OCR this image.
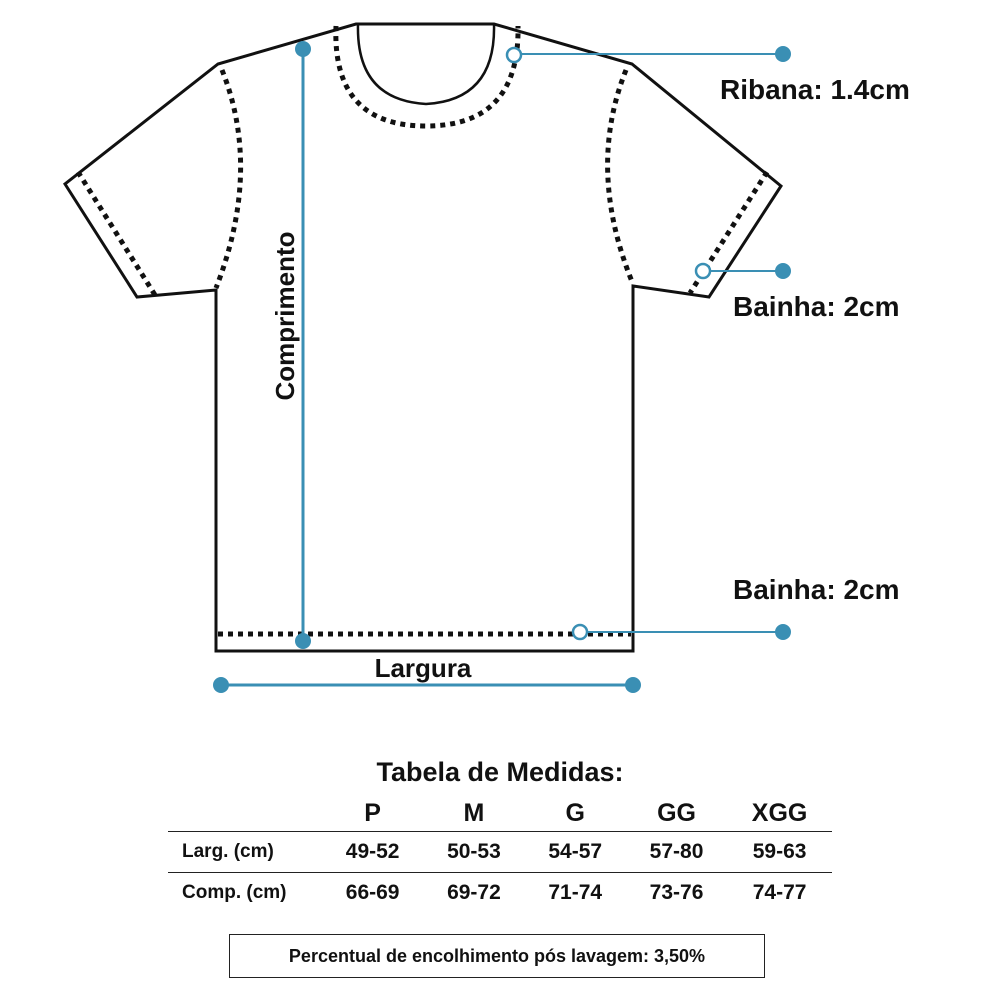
Comprimento
Largura
Ribana: 1.4cm
Bainha: 2cm
Bainha: 2cm
Tabela de Medidas:
	P	M	G	GG	XGG
Larg. (cm)	49-52	50-53	54-57	57-80	59-63
Comp. (cm)	66-69	69-72	71-74	73-76	74-77
Percentual de encolhimento pós lavagem: 3,50%
